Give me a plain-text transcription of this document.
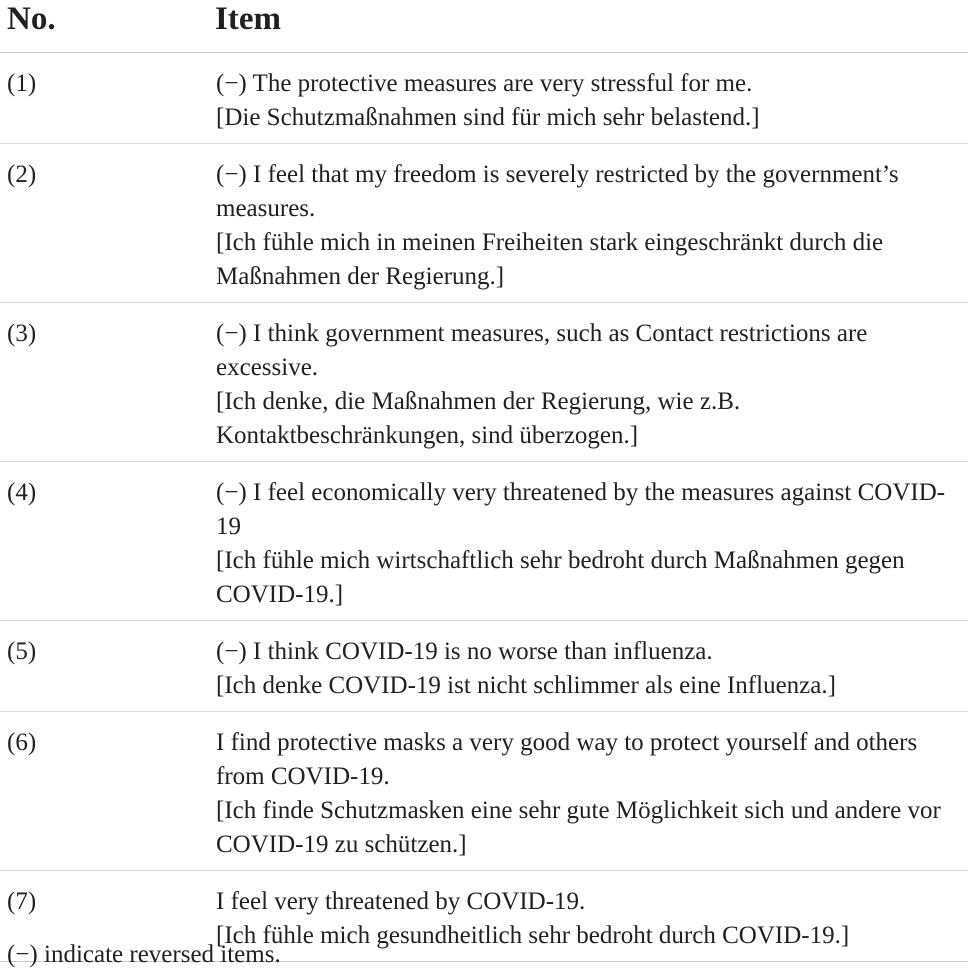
No.	Item
(1)	(−) The protective measures are very stressful for me.
[Die Schutzmaßnahmen sind für mich sehr belastend.]
(2)	(−) I feel that my freedom is severely restricted by the government’s measures.
[Ich fühle mich in meinen Freiheiten stark eingeschränkt durch die Maßnahmen der Regierung.]
(3)	(−) I think government measures, such as Contact restrictions are excessive.
[Ich denke, die Maßnahmen der Regierung, wie z.B. Kontaktbeschränkungen, sind überzogen.]
(4)	(−) I feel economically very threatened by the measures against COVID-19
[Ich fühle mich wirtschaftlich sehr bedroht durch Maßnahmen gegen COVID-19.]
(5)	(−) I think COVID-19 is no worse than influenza.
[Ich denke COVID-19 ist nicht schlimmer als eine Influenza.]
(6)	I find protective masks a very good way to protect yourself and others from COVID-19.
[Ich finde Schutzmasken eine sehr gute Möglichkeit sich und andere vor COVID-19 zu schützen.]
(7)	I feel very threatened by COVID-19.
[Ich fühle mich gesundheitlich sehr bedroht durch COVID-19.]
(−) indicate reversed items.
